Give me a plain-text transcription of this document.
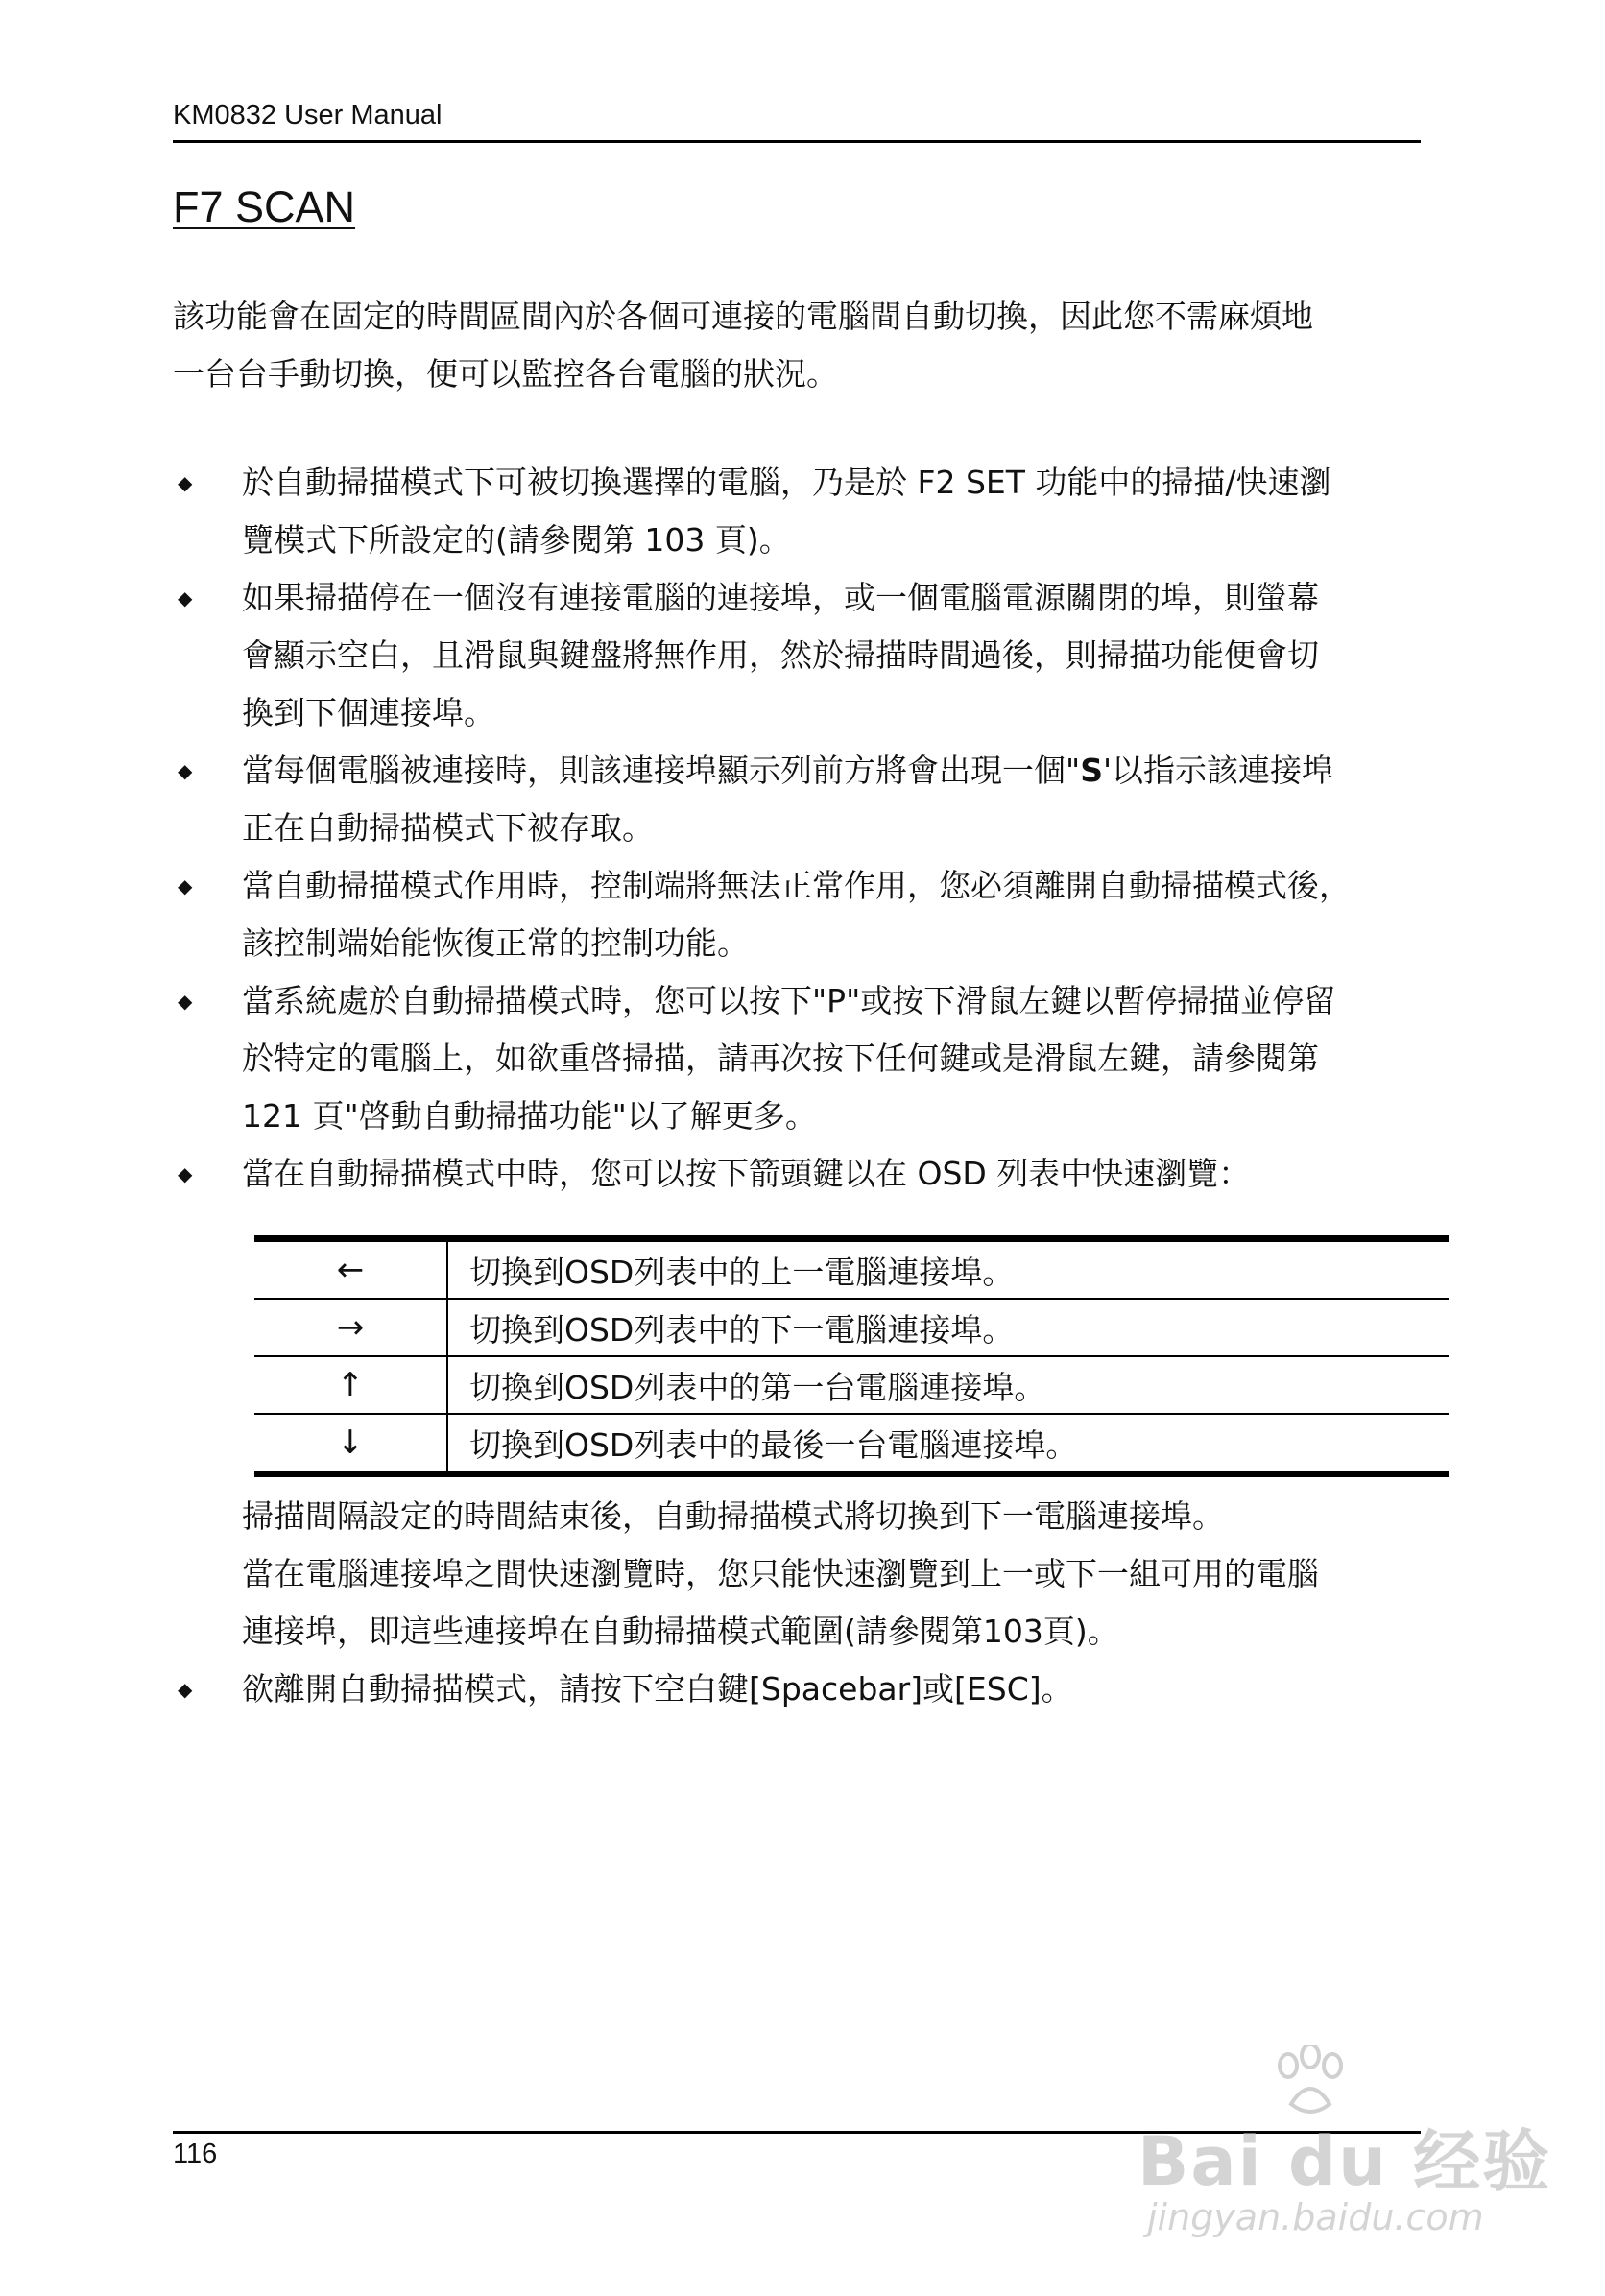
KM0832 User Manual
F7 SCAN

該功能會在固定的時間區間內於各個可連接的電腦間自動切換，因此您不需麻煩地
一台台手動切換，便可以監控各台電腦的狀況。

◆ 於自動掃描模式下可被切換選擇的電腦，乃是於 F2 SET 功能中的掃描/快速瀏
覽模式下所設定的(請參閱第 103 頁)。

◆ 如果掃描停在一個沒有連接電腦的連接埠，或一個電腦電源關閉的埠，則螢幕
會顯示空白，且滑鼠與鍵盤將無作用，然於掃描時間過後，則掃描功能便會切
換到下個連接埠。

◆ 當每個電腦被連接時，則該連接埠顯示列前方將會出現一個"S'以指示該連接埠
正在自動掃描模式下被存取。

◆ 當自動掃描模式作用時，控制端將無法正常作用，您必須離開自動掃描模式後，
該控制端始能恢復正常的控制功能。

◆ 當系統處於自動掃描模式時，您可以按下"P"或按下滑鼠左鍵以暫停掃描並停留
於特定的電腦上，如欲重啓掃描，請再次按下任何鍵或是滑鼠左鍵，請參閱第
121 頁"啓動自動掃描功能"以了解更多。

◆ 當在自動掃描模式中時，您可以按下箭頭鍵以在 OSD 列表中快速瀏覽：

←	切換到OSD列表中的上一電腦連接埠。
→	切換到OSD列表中的下一電腦連接埠。
↑	切換到OSD列表中的第一台電腦連接埠。
↓	切換到OSD列表中的最後一台電腦連接埠。

掃描間隔設定的時間結束後，自動掃描模式將切換到下一電腦連接埠。
當在電腦連接埠之間快速瀏覽時，您只能快速瀏覽到上一或下一組可用的電腦
連接埠，即這些連接埠在自動掃描模式範圍(請參閱第103頁)。

◆ 欲離開自動掃描模式，請按下空白鍵[Spacebar]或[ESC]。

116	Bai du 经验
jingyan.baidu.com
